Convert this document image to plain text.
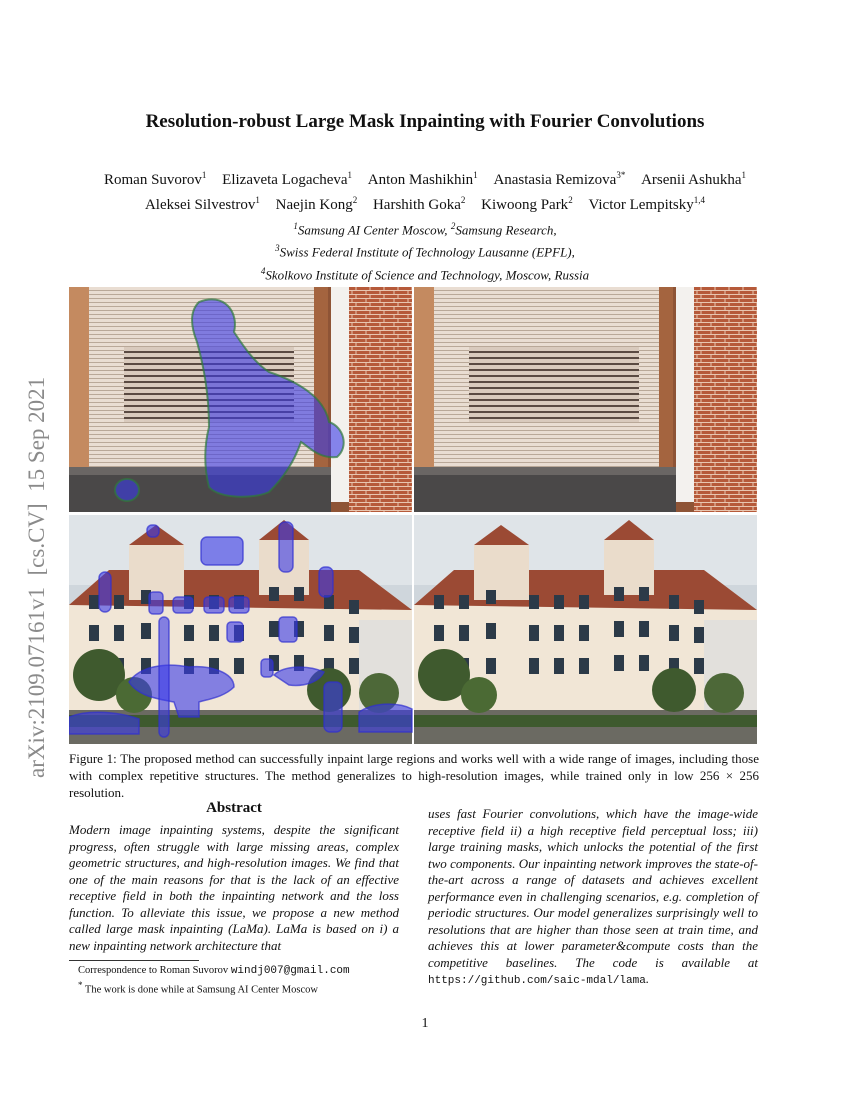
Resolution-robust Large Mask Inpainting with Fourier Convolutions
Roman Suvorov$^1$ Elizaveta Logacheva$^1$ Anton Mashikhin$^1$ Anastasia Remizova$^{3*}$ Arsenii Ashukha$^1$
Aleksei Silvestrov$^1$ Naejin Kong$^2$ Harshith Goka$^2$ Kiwoong Park$^2$ Victor Lempitsky$^{1,4}$
$^1$Samsung AI Center Moscow, $^2$Samsung Research,
$^3$Swiss Federal Institute of Technology Lausanne (EPFL),
$^4$Skolkovo Institute of Science and Technology, Moscow, Russia
arXiv:2109.07161v1  [cs.CV]  15 Sep 2021 Figure 1: The proposed method can successfully inpaint large regions and works well with a wide range of images, including those with complex repetitive structures. The method generalizes to high-resolution images, while trained only in low 256 × 256 resolution.
Abstract
Modern image inpainting systems, despite the significant progress, often struggle with large missing areas, complex geometric structures, and high-resolution images. We find that one of the main reasons for that is the lack of an effective receptive field in both the inpainting network and the loss function. To alleviate this issue, we propose a new method called large mask inpainting (LaMa). LaMa is based on i) a new inpainting network architecture that
uses fast Fourier convolutions, which have the image-wide receptive field ii) a high receptive field perceptual loss; iii) large training masks, which unlocks the potential of the first two components. Our inpainting network improves the state-of-the-art across a range of datasets and achieves excellent performance even in challenging scenarios, e.g. completion of periodic structures. Our model generalizes surprisingly well to resolutions that are higher than those seen at train time, and achieves this at lower parameter&compute costs than the competitive baselines. The code is available at https://github.com/saic-mdal/lama.
Correspondence to Roman Suvorov windj007@gmail.com
* The work is done while at Samsung AI Center Moscow
1
